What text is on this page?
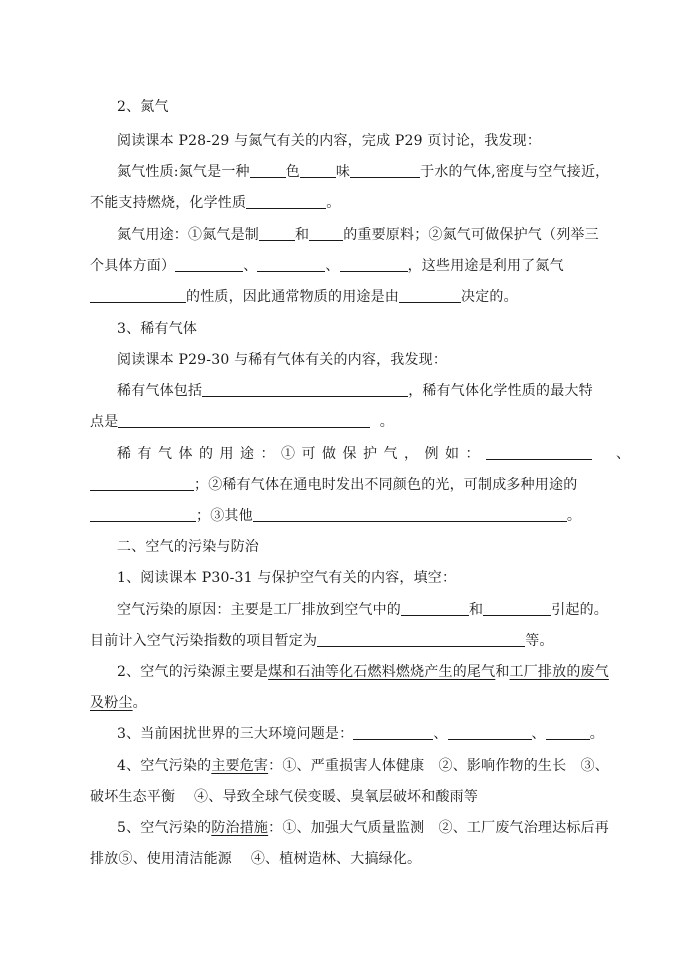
2、氮气
阅读课本 P28-29 与氮气有关的内容，完成 P29 页讨论，我发现：
氮气性质:氮气是一种	色	味	于水的气体,密度与空气接近，
不能支持燃烧，化学性质	。
氮气用途：①氮气是制	和 的重要原料；②氮气可做保护气（列举三
个具体方面）	、	、	，这些用途是利用了氮气
的性质，因此通常物质的用途是由	决定的。
3、稀有气体
阅读课本 P29-30 与稀有气体有关的内容，我发现：
稀有气体包括	，稀有气体化学性质的最大特
点是	。
稀有气体的用途：①可做保护气，例如：	、
；②稀有气体在通电时发出不同颜色的光，可制成多种用途的
；③其他	。
二、空气的污染与防治
1、阅读课本 P30-31 与保护空气有关的内容，填空：
空气污染的原因：主要是工厂排放到空气中的	和	引起的。
目前计入空气污染指数的项目暂定为	等。
2、空气的污染源主要是煤和石油等化石燃料燃烧产生的尾气和工厂排放的废气
及粉尘。
3、当前困扰世界的三大环境问题是：	、	、	。
4、空气污染的主要危害：①、严重损害人体健康　②、影响作物的生长　③、
破坏生态平衡　 ④、导致全球气侯变暖、臭氧层破坏和酸雨等
5、空气污染的防治措施：①、加强大气质量监测　②、工厂废气治理达标后再
排放⑤、使用清洁能源　 ④、植树造林、大搞绿化。
